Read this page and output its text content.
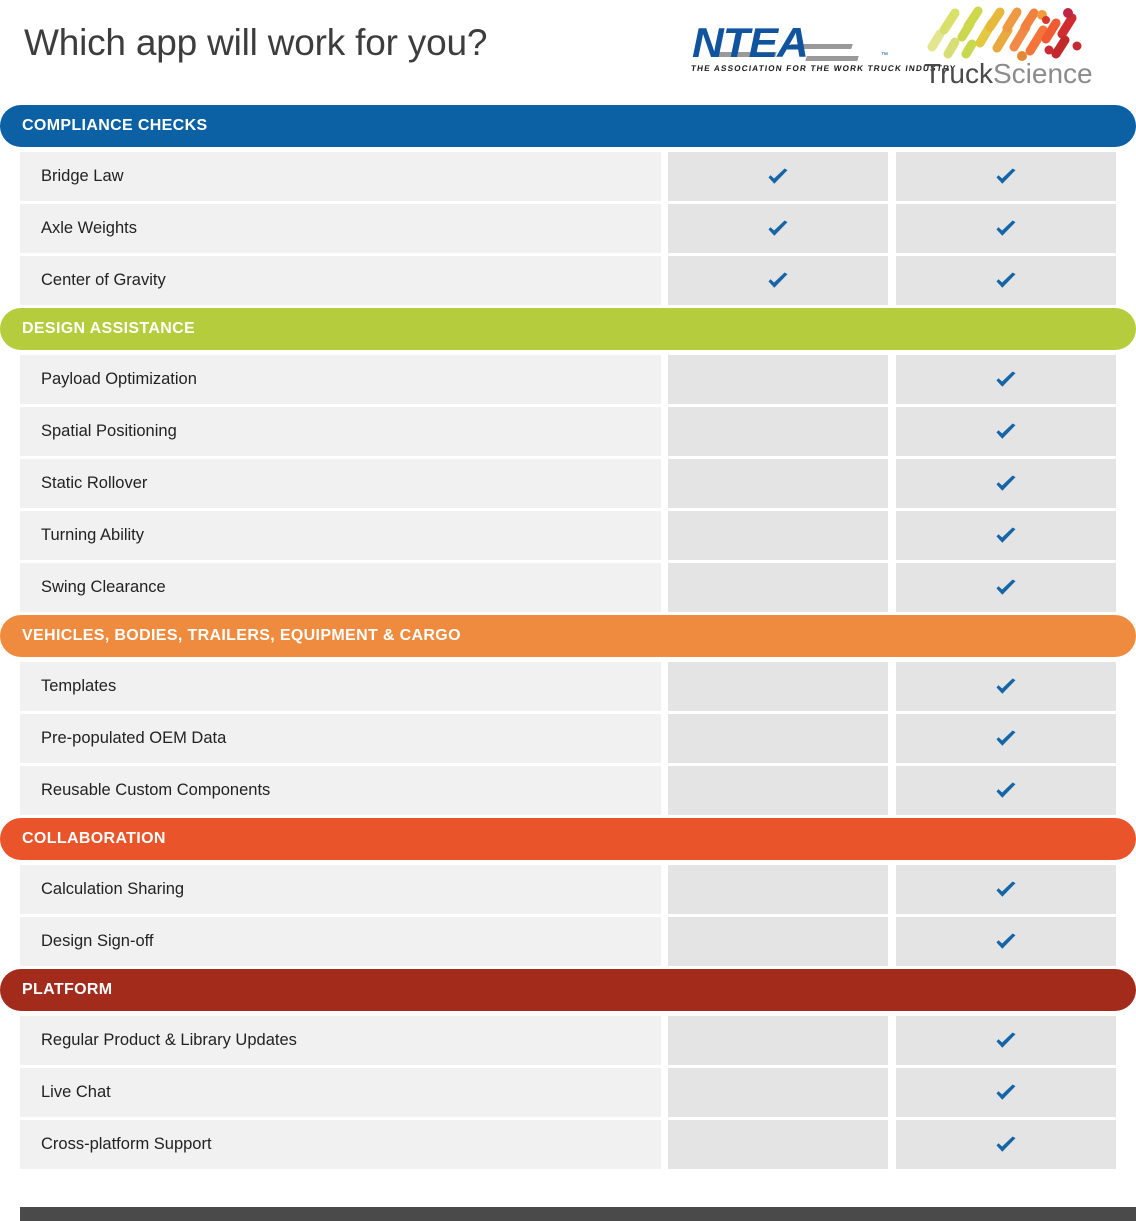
Which app will work for you?	NTEA	™
THE ASSOCIATION FOR THE WORK TRUCK INDUSTRY
TruckScience
COMPLIANCE CHECKS
Bridge Law
Axle Weights
Center of Gravity
DESIGN ASSISTANCE
Payload Optimization
Spatial Positioning
Static Rollover
Turning Ability
Swing Clearance
VEHICLES, BODIES, TRAILERS, EQUIPMENT & CARGO
Templates
Pre-populated OEM Data
Reusable Custom Components
COLLABORATION
Calculation Sharing
Design Sign-off
PLATFORM
Regular Product & Library Updates
Live Chat
Cross-platform Support
